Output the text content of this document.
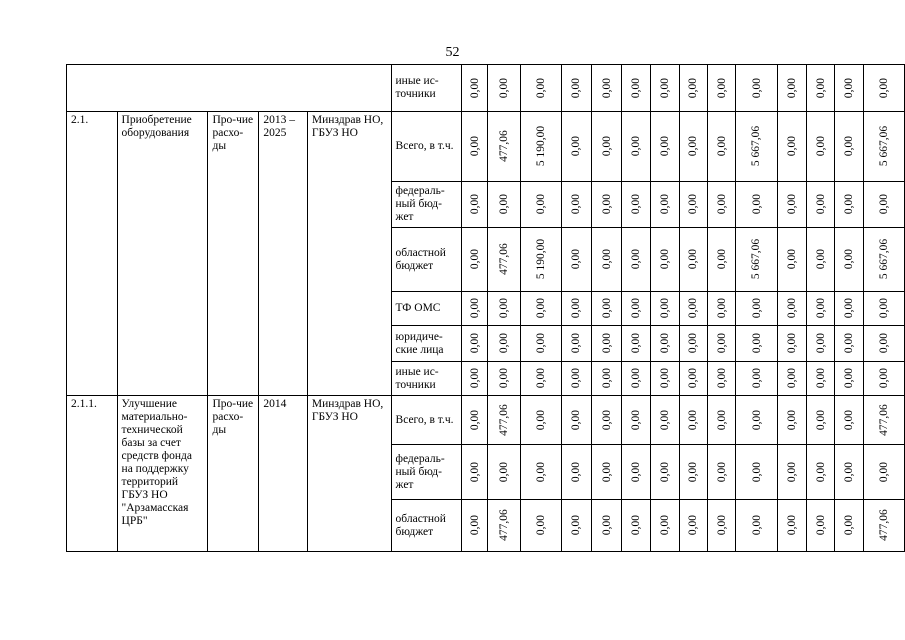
52
					иные ис-точники	0,00	0,00	0,00	0,00	0,00	0,00	0,00	0,00	0,00	0,00	0,00	0,00	0,00	0,00
2.1.	Приобретение оборудования	Про-чие расхо-ды	2013 – 2025	Минздрав НО, ГБУЗ НО	Всего, в т.ч.	0,00	477,06	5 190,00	0,00	0,00	0,00	0,00	0,00	0,00	5 667,06	0,00	0,00	0,00	5 667,06
					федераль-ный бюд-жет	0,00	0,00	0,00	0,00	0,00	0,00	0,00	0,00	0,00	0,00	0,00	0,00	0,00	0,00
					областной бюджет	0,00	477,06	5 190,00	0,00	0,00	0,00	0,00	0,00	0,00	5 667,06	0,00	0,00	0,00	5 667,06
					ТФ ОМС	0,00	0,00	0,00	0,00	0,00	0,00	0,00	0,00	0,00	0,00	0,00	0,00	0,00	0,00
					юридиче-ские лица	0,00	0,00	0,00	0,00	0,00	0,00	0,00	0,00	0,00	0,00	0,00	0,00	0,00	0,00
					иные ис-точники	0,00	0,00	0,00	0,00	0,00	0,00	0,00	0,00	0,00	0,00	0,00	0,00	0,00	0,00
2.1.1.	Улучшение материально-технической базы за счет средств фонда на поддержку территорий ГБУЗ НО "Арзамасская ЦРБ"	Про-чие расхо-ды	2014	Минздрав НО, ГБУЗ НО	Всего, в т.ч.	0,00	477,06	0,00	0,00	0,00	0,00	0,00	0,00	0,00	0,00	0,00	0,00	0,00	477,06
					федераль-ный бюд-жет	0,00	0,00	0,00	0,00	0,00	0,00	0,00	0,00	0,00	0,00	0,00	0,00	0,00	0,00
					областной бюджет	0,00	477,06	0,00	0,00	0,00	0,00	0,00	0,00	0,00	0,00	0,00	0,00	0,00	477,06
